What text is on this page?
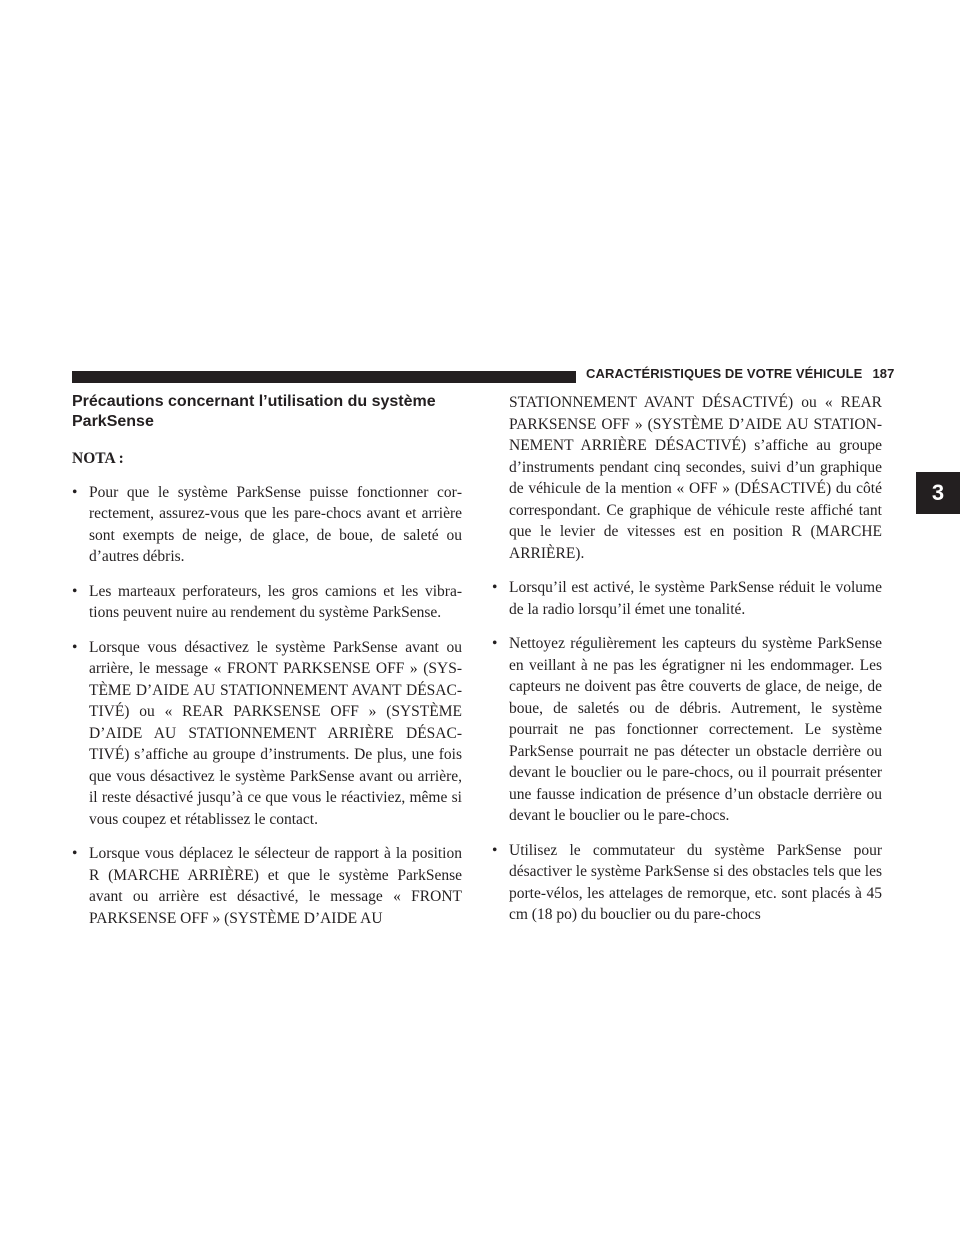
CARACTÉRISTIQUES DE VOTRE VÉHICULE 187
3
Précautions concernant l’utilisation du système
ParkSense
NOTA :
• Pour que le système ParkSense puisse fonctionner correctement, assurez-vous que les pare-chocs avant et arrière sont exempts de neige, de glace, de boue, de saleté ou d’autres débris.
• Les marteaux perforateurs, les gros camions et les vibrations peuvent nuire au rendement du système ParkSense.
• Lorsque vous désactivez le système ParkSense avant ou arrière, le message « FRONT PARKSENSE OFF » (SYSTÈME D’AIDE AU STATIONNEMENT AVANT DÉSACTIVÉ) ou « REAR PARKSENSE OFF » (SYSTÈME D’AIDE AU STATIONNEMENT ARRIÈRE DÉSACTIVÉ) s’affiche au groupe d’instruments. De plus, une fois que vous désactivez le système ParkSense avant ou arrière, il reste désactivé jusqu’à ce que vous le réactiviez, même si vous coupez et rétablissez le contact.
• Lorsque vous déplacez le sélecteur de rapport à la position R (MARCHE ARRIÈRE) et que le système ParkSense avant ou arrière est désactivé, le message « FRONT PARKSENSE OFF » (SYSTÈME D’AIDE AU

STATIONNEMENT AVANT DÉSACTIVÉ) ou « REAR PARKSENSE OFF » (SYSTÈME D’AIDE AU STATIONNEMENT ARRIÈRE DÉSACTIVÉ) s’affiche au groupe d’instruments pendant cinq secondes, suivi d’un graphique de véhicule de la mention « OFF » (DÉSACTIVÉ) du côté correspondant. Ce graphique de véhicule reste affiché tant que le levier de vitesses est en position R (MARCHE ARRIÈRE).

• Lorsqu’il est activé, le système ParkSense réduit le volume de la radio lorsqu’il émet une tonalité.
• Nettoyez régulièrement les capteurs du système ParkSense en veillant à ne pas les égratigner ni les endommager. Les capteurs ne doivent pas être couverts de glace, de neige, de boue, de saletés ou de débris. Autrement, le système pourrait ne pas fonctionner correctement. Le système ParkSense pourrait ne pas détecter un obstacle derrière ou devant le bouclier ou le pare-chocs, ou il pourrait présenter une fausse indication de présence d’un obstacle derrière ou devant le bouclier ou le pare-chocs.
• Utilisez le commutateur du système ParkSense pour désactiver le système ParkSense si des obstacles tels que les porte-vélos, les attelages de remorque, etc. sont placés à 45 cm (18 po) du bouclier ou du pare-chocs
